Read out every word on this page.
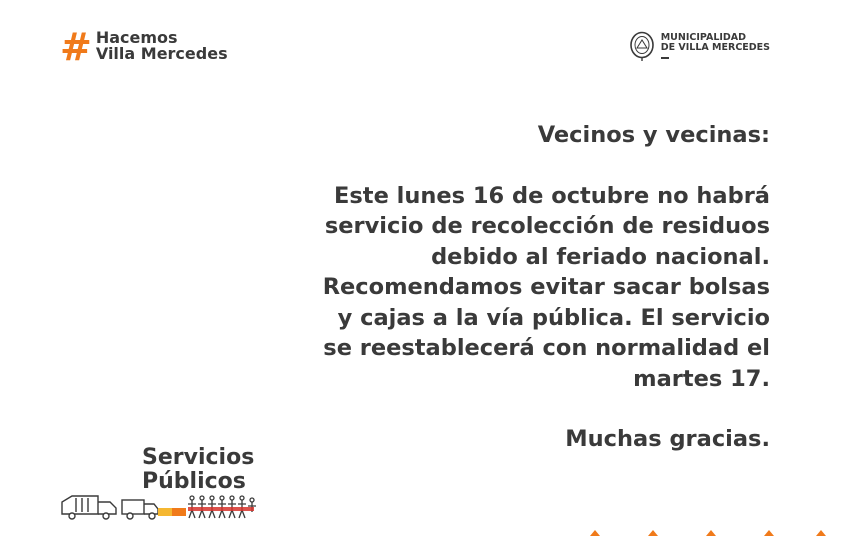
# Hacemos
Villa Mercedes
MUNICIPALIDAD
DE VILLA MERCEDES

Vecinos y vecinas:

Este lunes 16 de octubre no habrá

servicio de recolección de residuos

debido al feriado nacional.

Recomendamos evitar sacar bolsas

y cajas a la vía pública. El servicio

se reestablecerá con normalidad el

martes 17.

Muchas gracias.

Servicios
Públicos
